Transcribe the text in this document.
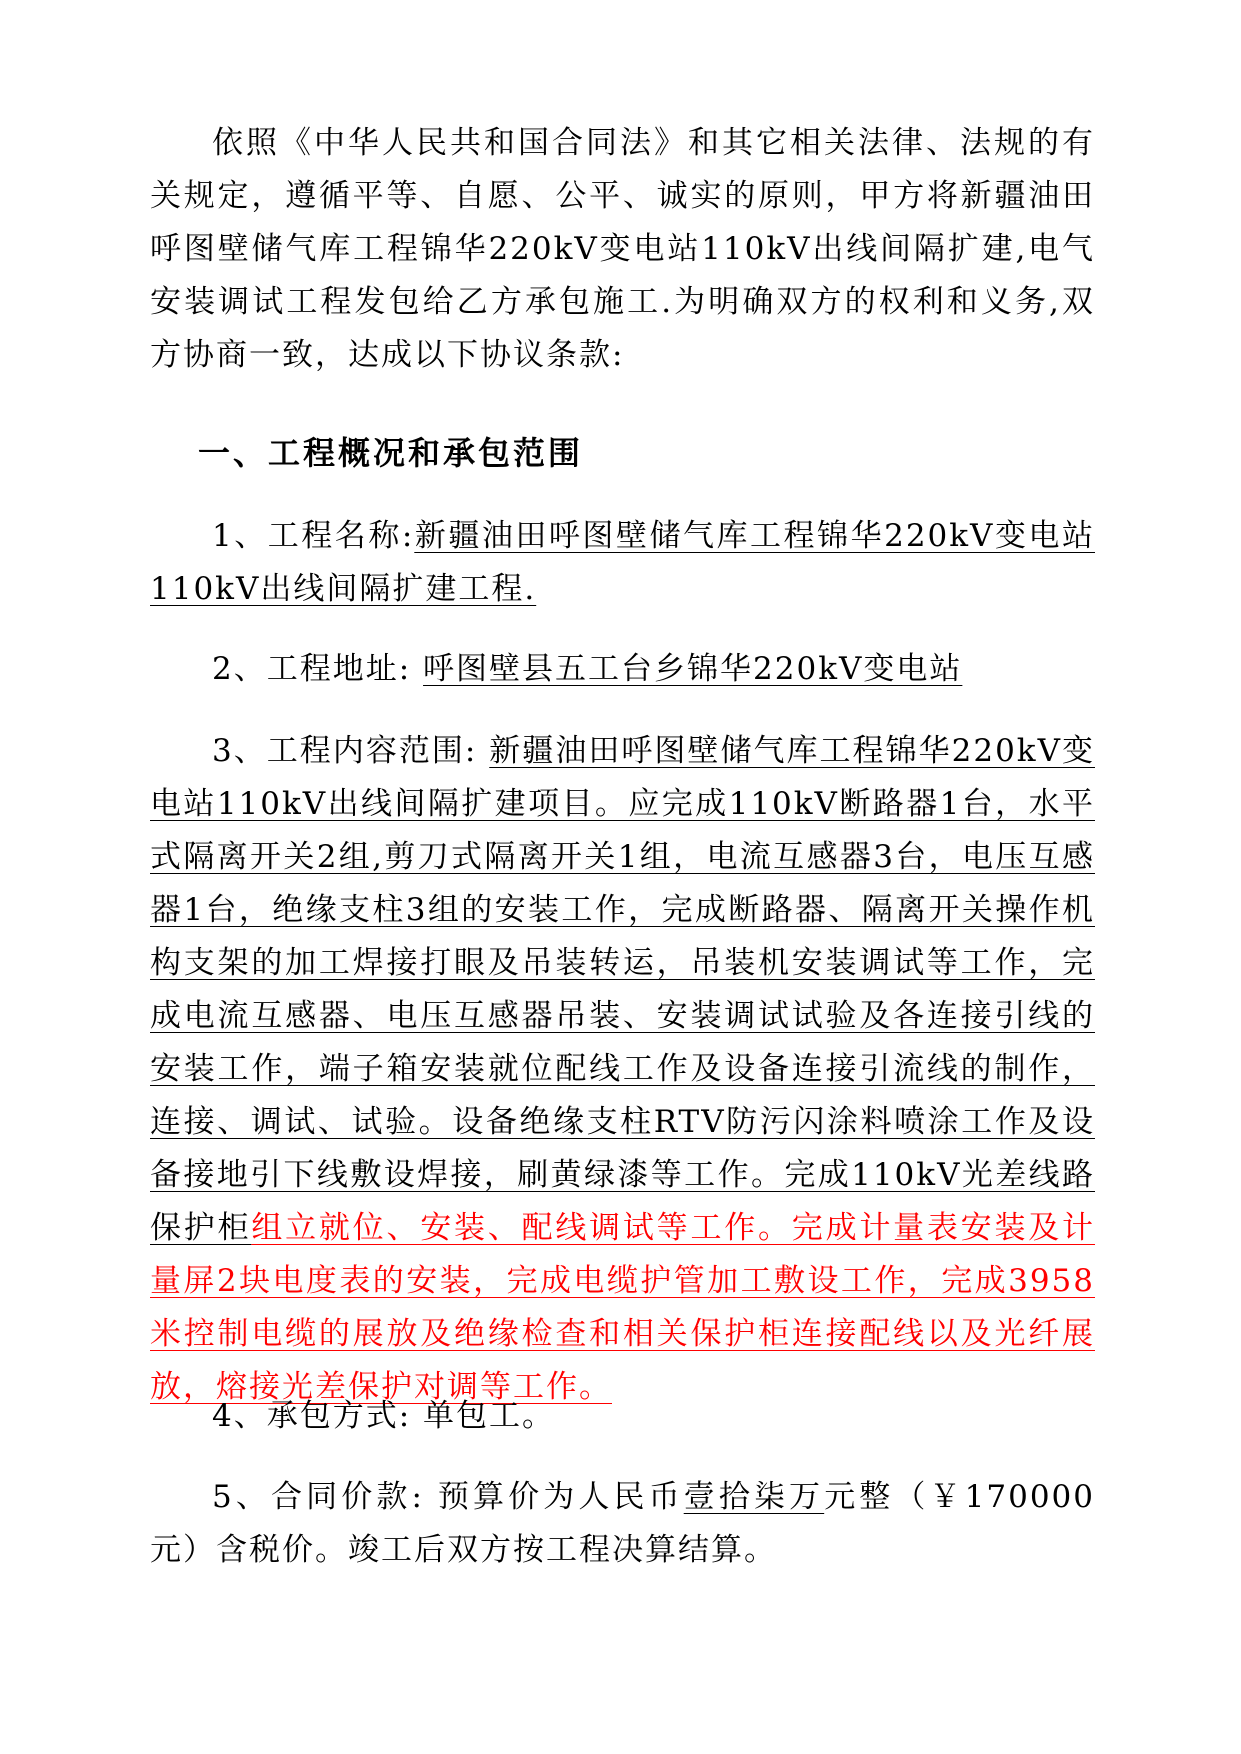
依照《中华人民共和国合同法》和其它相关法律、法规的有关规定，遵循平等、自愿、公平、诚实的原则，甲方将新疆油田呼图壁储气库工程锦华220kV变电站110kV出线间隔扩建,电气安装调试工程发包给乙方承包施工.为明确双方的权利和义务,双方协商一致，达成以下协议条款:

一、工程概况和承包范围

1、工程名称:新疆油田呼图壁储气库工程锦华220kV变电站110kV出线间隔扩建工程.

2、工程地址: 呼图壁县五工台乡锦华220kV变电站

3、工程内容范围: 新疆油田呼图壁储气库工程锦华220kV变电站110kV出线间隔扩建项目。应完成110kV断路器1台，水平式隔离开关2组,剪刀式隔离开关1组，电流互感器3台，电压互感器1台，绝缘支柱3组的安装工作，完成断路器、隔离开关操作机构支架的加工焊接打眼及吊装转运，吊装机安装调试等工作，完成电流互感器、电压互感器吊装、安装调试试验及各连接引线的安装工作，端子箱安装就位配线工作及设备连接引流线的制作，连接、调试、试验。设备绝缘支柱RTV防污闪涂料喷涂工作及设备接地引下线敷设焊接，刷黄绿漆等工作。完成110kV光差线路保护柜组立就位、安装、配线调试等工作。完成计量表安装及计量屏2块电度表的安装，完成电缆护管加工敷设工作，完成3958米控制电缆的展放及绝缘检查和相关保护柜连接配线以及光纤展放，熔接光差保护对调等工作。

4、承包方式: 单包工。

5、合同价款: 预算价为人民币壹拾柒万元整（￥170000元）含税价。竣工后双方按工程决算结算。
